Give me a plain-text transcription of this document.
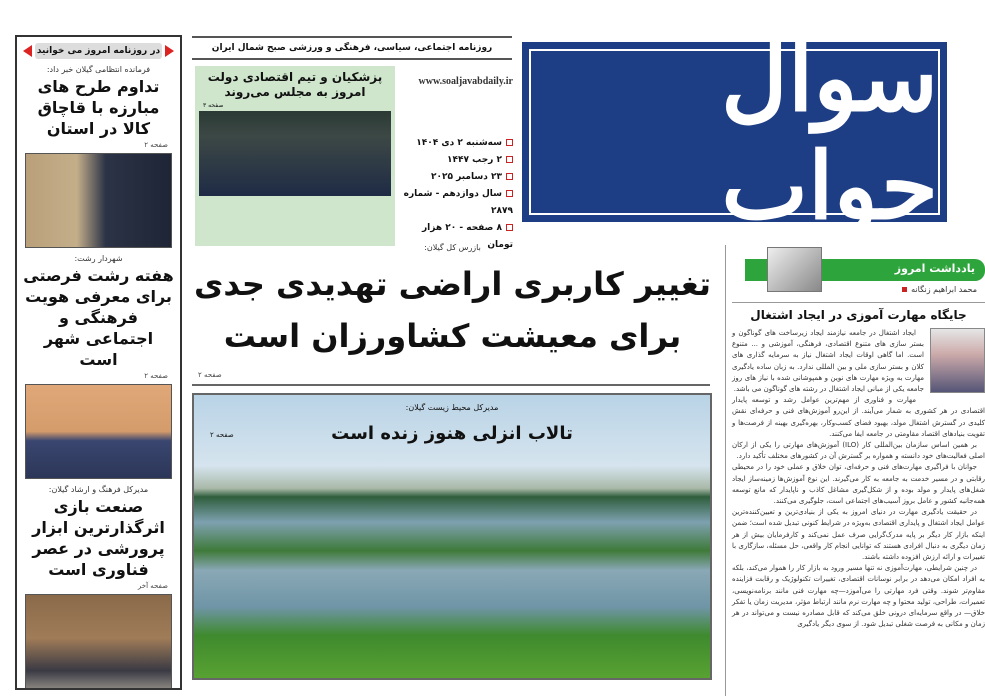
در روزنامه امروز می خوانید
فرمانده انتظامی گیلان خبر داد:
تداوم طرح های مبارزه با قاچاق کالا در استان
صفحه ۲
شهردار رشت:
هفته رشت فرصتی برای معرفی هویت فرهنگی و اجتماعی شهر است
صفحه ۲
مدیرکل فرهنگ و ارشاد گیلان:
صنعت بازی اثرگذارترین ابزار پرورشی در عصر فناوری است
صفحه آخر
روزنامه اجتماعی، سیاسی، فرهنگی و ورزشی صبح شمال ایران
پزشکیان و تیم اقتصادی دولت
امروز به مجلس می‌روند
صفحه ۳
www.soaljavabdaily.ir
سه‌شنبه ۲ دی ۱۴۰۴
۲ رجب ۱۴۴۷
۲۳ دسامبر ۲۰۲۵
سال دوازدهم - شماره ۲۸۷۹
۸ صفحه - ۲۰ هزار تومان
سوال جواب
بازرس کل گیلان:
تغییر کاربری اراضی تهدیدی جدی برای معیشت کشاورزان است
صفحه ۲
مدیرکل محیط زیست گیلان:
تالاب انزلی هنوز زنده است
صفحه ۲
یادداشت امروز
محمد ابراهیم زنگانه
جایگاه مهارت آموزی در ایجاد اشتغال

ایجاد اشتغال در جامعه نیازمند ایجاد زیرساخت های گوناگون و بستر سازی های متنوع اقتصادی، فرهنگی، آموزشی و ... متنوع است. اما گاهی اوقات ایجاد اشتغال نیاز به سرمایه گذاری های کلان و بستر سازی ملی و بین المللی ندارد. به زبان ساده یادگیری مهارت به ویژه مهارت های نوین و همپوشانی شده با نیاز های روز جامعه یکی از مبانی ایجاد اشتغال در رشته های گوناگون می باشد.

مهارت و فناوری از مهم‌ترین عوامل رشد و توسعه پایدار اقتصادی در هر کشوری به شمار می‌آیند. از این‌رو آموزش‌های فنی و حرفه‌ای نقش کلیدی در گسترش اشتغال مولد، بهبود فضای کسب‌وکار، بهره‌گیری بهینه از فرصت‌ها و تقویت بنیادهای اقتصاد مقاومتی در جامعه ایفا می‌کنند.

بر همین اساس سازمان بین‌المللی کار (ILO) آموزش‌های مهارتی را یکی از ارکان اصلی فعالیت‌های خود دانسته و همواره بر گسترش آن در کشورهای مختلف تأکید دارد.

جوانان با فراگیری مهارت‌های فنی و حرفه‌ای، توان خلاق و عملی خود را در محیطی رقابتی و در مسیر خدمت به جامعه به کار می‌گیرند. این نوع آموزش‌ها زمینه‌ساز ایجاد شغل‌های پایدار و مولد بوده و از شکل‌گیری مشاغل کاذب و ناپایدار که مانع توسعه همه‌جانبه کشور و عامل بروز آسیب‌های اجتماعی است، جلوگیری می‌کنند.

در حقیقت یادگیری مهارت در دنیای امروز به یکی از بنیادی‌ترین و تعیین‌کننده‌ترین عوامل ایجاد اشتغال و پایداری اقتصادی به‌ویژه در شرایط کنونی تبدیل شده است؛ ضمن اینکه بازار کار دیگر بر پایه مدرک‌گرایی صرف عمل نمی‌کند و کارفرمایان بیش از هر زمان دیگری به دنبال افرادی هستند که توانایی انجام کار واقعی، حل مسئله، سازگاری با تغییرات و ارائه ارزش افزوده داشته باشند.

در چنین شرایطی، مهارت‌آموزی نه تنها مسیر ورود به بازار کار را هموار می‌کند، بلکه به افراد امکان می‌دهد در برابر نوسانات اقتصادی، تغییرات تکنولوژیک و رقابت فزاینده مقاوم‌تر شوند. وقتی فرد مهارتی را می‌آموزد—چه مهارت فنی مانند برنامه‌نویسی، تعمیرات، طراحی، تولید محتوا و چه مهارت نرم مانند ارتباط مؤثر، مدیریت زمان یا تفکر خلاق— در واقع سرمایه‌ای درونی خلق می‌کند که قابل مصادره نیست و می‌تواند در هر زمان و مکانی به فرصت شغلی تبدیل شود. از سوی دیگر یادگیری
